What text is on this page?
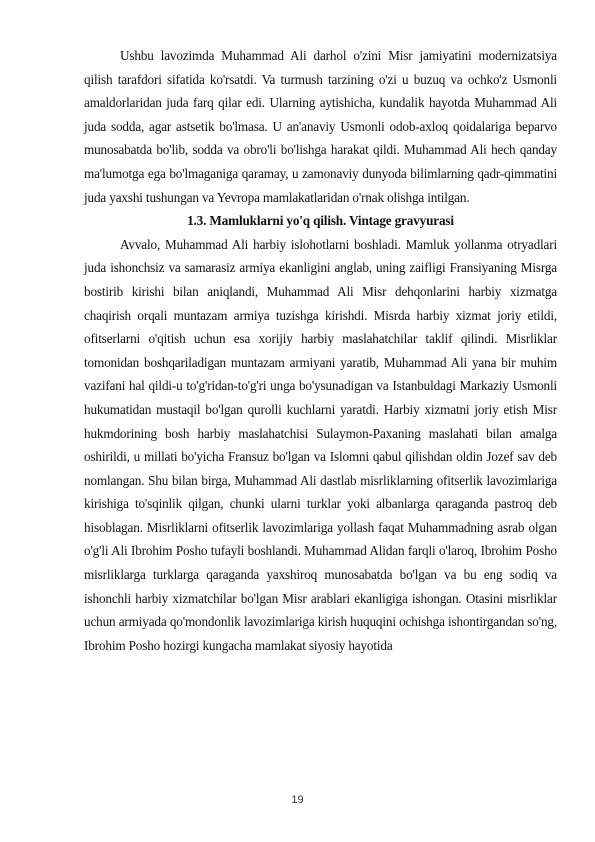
Ushbu lavozimda Muhammad Ali darhol o'zini Misr jamiyatini modernizatsiya qilish tarafdori sifatida ko'rsatdi. Va turmush tarzining o'zi u buzuq va ochko'z Usmonli amaldorlaridan juda farq qilar edi. Ularning aytishicha, kundalik hayotda Muhammad Ali juda sodda, agar astsetik bo'lmasa. U an'anaviy Usmonli odob-axloq qoidalariga beparvo munosabatda bo'lib, sodda va obro'li bo'lishga harakat qildi. Muhammad Ali hech qanday ma'lumotga ega bo'lmaganiga qaramay, u zamonaviy dunyoda bilimlarning qadr-qimmatini juda yaxshi tushungan va Yevropa mamlakatlaridan o'rnak olishga intilgan.

1.3. Mamluklarni yo'q qilish. Vintage gravyurasi

Avvalo, Muhammad Ali harbiy islohotlarni boshladi. Mamluk yollanma otryadlari juda ishonchsiz va samarasiz armiya ekanligini anglab, uning zaifligi Fransiyaning Misrga bostirib kirishi bilan aniqlandi, Muhammad Ali Misr dehqonlarini harbiy xizmatga chaqirish orqali muntazam armiya tuzishga kirishdi. Misrda harbiy xizmat joriy etildi, ofitserlarni o'qitish uchun esa xorijiy harbiy maslahatchilar taklif qilindi. Misrliklar tomonidan boshqariladigan muntazam armiyani yaratib, Muhammad Ali yana bir muhim vazifani hal qildi-u to'g'ridan-to'g'ri unga bo'ysunadigan va Istanbuldagi Markaziy Usmonli hukumatidan mustaqil bo'lgan qurolli kuchlarni yaratdi. Harbiy xizmatni joriy etish Misr hukmdorining bosh harbiy maslahatchisi Sulaymon-Paxaning maslahati bilan amalga oshirildi, u millati bo'yicha Fransuz bo'lgan va Islomni qabul qilishdan oldin Jozef sav deb nomlangan. Shu bilan birga, Muhammad Ali dastlab misrliklarning ofitserlik lavozimlariga kirishiga to'sqinlik qilgan, chunki ularni turklar yoki albanlarga qaraganda pastroq deb hisoblagan. Misrliklarni ofitserlik lavozimlariga yollash faqat Muhammadning asrab olgan o'g'li Ali Ibrohim Posho tufayli boshlandi. Muhammad Alidan farqli o'laroq, Ibrohim Posho misrliklarga turklarga qaraganda yaxshiroq munosabatda bo'lgan va bu eng sodiq va ishonchli harbiy xizmatchilar bo'lgan Misr arablari ekanligiga ishongan. Otasini misrliklar uchun armiyada qo'mondonlik lavozimlariga kirish huquqini ochishga ishontirgandan so'ng, Ibrohim Posho hozirgi kungacha mamlakat siyosiy hayotida

19
